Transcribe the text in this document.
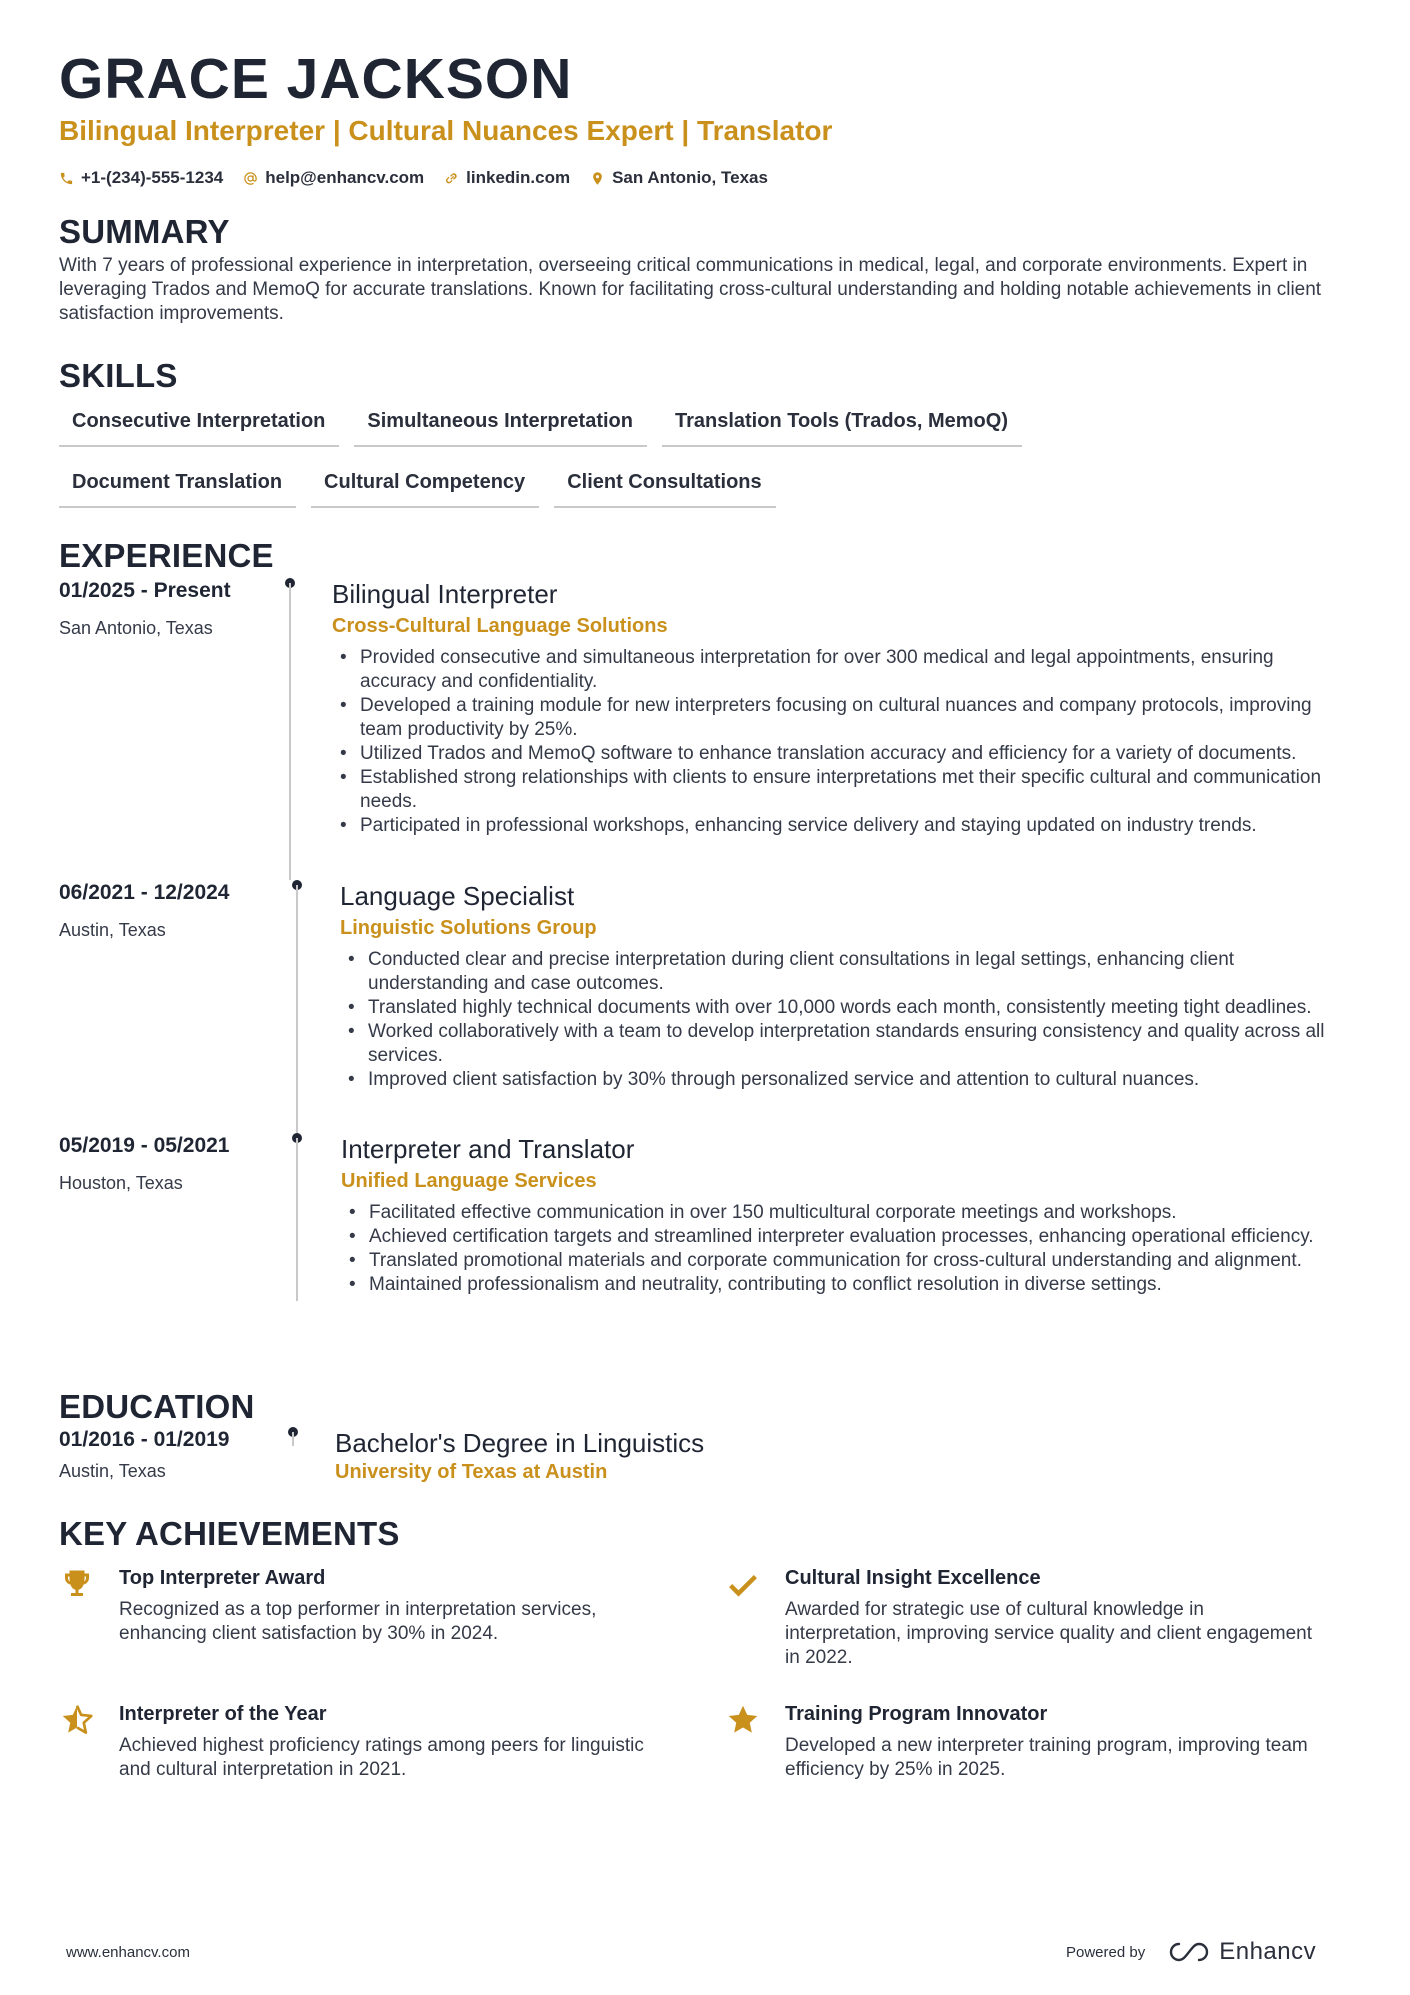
GRACE JACKSON
Bilingual Interpreter | Cultural Nuances Expert | Translator
+1-(234)-555-1234 help@enhancv.com linkedin.com San Antonio, Texas
SUMMARY
With 7 years of professional experience in interpretation, overseeing critical communications in medical, legal, and corporate environments. Expert in leveraging Trados and MemoQ for accurate translations. Known for facilitating cross-cultural understanding and holding notable achievements in client satisfaction improvements.
SKILLS
Consecutive Interpretation	Simultaneous Interpretation	Translation Tools (Trados, MemoQ)
Document Translation	Cultural Competency	Client Consultations
EXPERIENCE
01/2025 - Present
San Antonio, Texas
Bilingual Interpreter
Cross-Cultural Language Solutions
• Provided consecutive and simultaneous interpretation for over 300 medical and legal appointments, ensuring accuracy and confidentiality.
• Developed a training module for new interpreters focusing on cultural nuances and company protocols, improving team productivity by 25%.
• Utilized Trados and MemoQ software to enhance translation accuracy and efficiency for a variety of documents.
• Established strong relationships with clients to ensure interpretations met their specific cultural and communication needs.
• Participated in professional workshops, enhancing service delivery and staying updated on industry trends.
06/2021 - 12/2024
Austin, Texas
Language Specialist
Linguistic Solutions Group
• Conducted clear and precise interpretation during client consultations in legal settings, enhancing client understanding and case outcomes.
• Translated highly technical documents with over 10,000 words each month, consistently meeting tight deadlines.
• Worked collaboratively with a team to develop interpretation standards ensuring consistency and quality across all services.
• Improved client satisfaction by 30% through personalized service and attention to cultural nuances.
05/2019 - 05/2021
Houston, Texas
Interpreter and Translator
Unified Language Services
• Facilitated effective communication in over 150 multicultural corporate meetings and workshops.
• Achieved certification targets and streamlined interpreter evaluation processes, enhancing operational efficiency.
• Translated promotional materials and corporate communication for cross-cultural understanding and alignment.
• Maintained professionalism and neutrality, contributing to conflict resolution in diverse settings.
EDUCATION
01/2016 - 01/2019
Austin, Texas
Bachelor's Degree in Linguistics
University of Texas at Austin
KEY ACHIEVEMENTS
Top Interpreter Award
Recognized as a top performer in interpretation services, enhancing client satisfaction by 30% in 2024.
Cultural Insight Excellence
Awarded for strategic use of cultural knowledge in interpretation, improving service quality and client engagement in 2022.
Interpreter of the Year
Achieved highest proficiency ratings among peers for linguistic and cultural interpretation in 2021.
Training Program Innovator
Developed a new interpreter training program, improving team efficiency by 25% in 2025.
www.enhancv.com	Powered by	Enhancv
